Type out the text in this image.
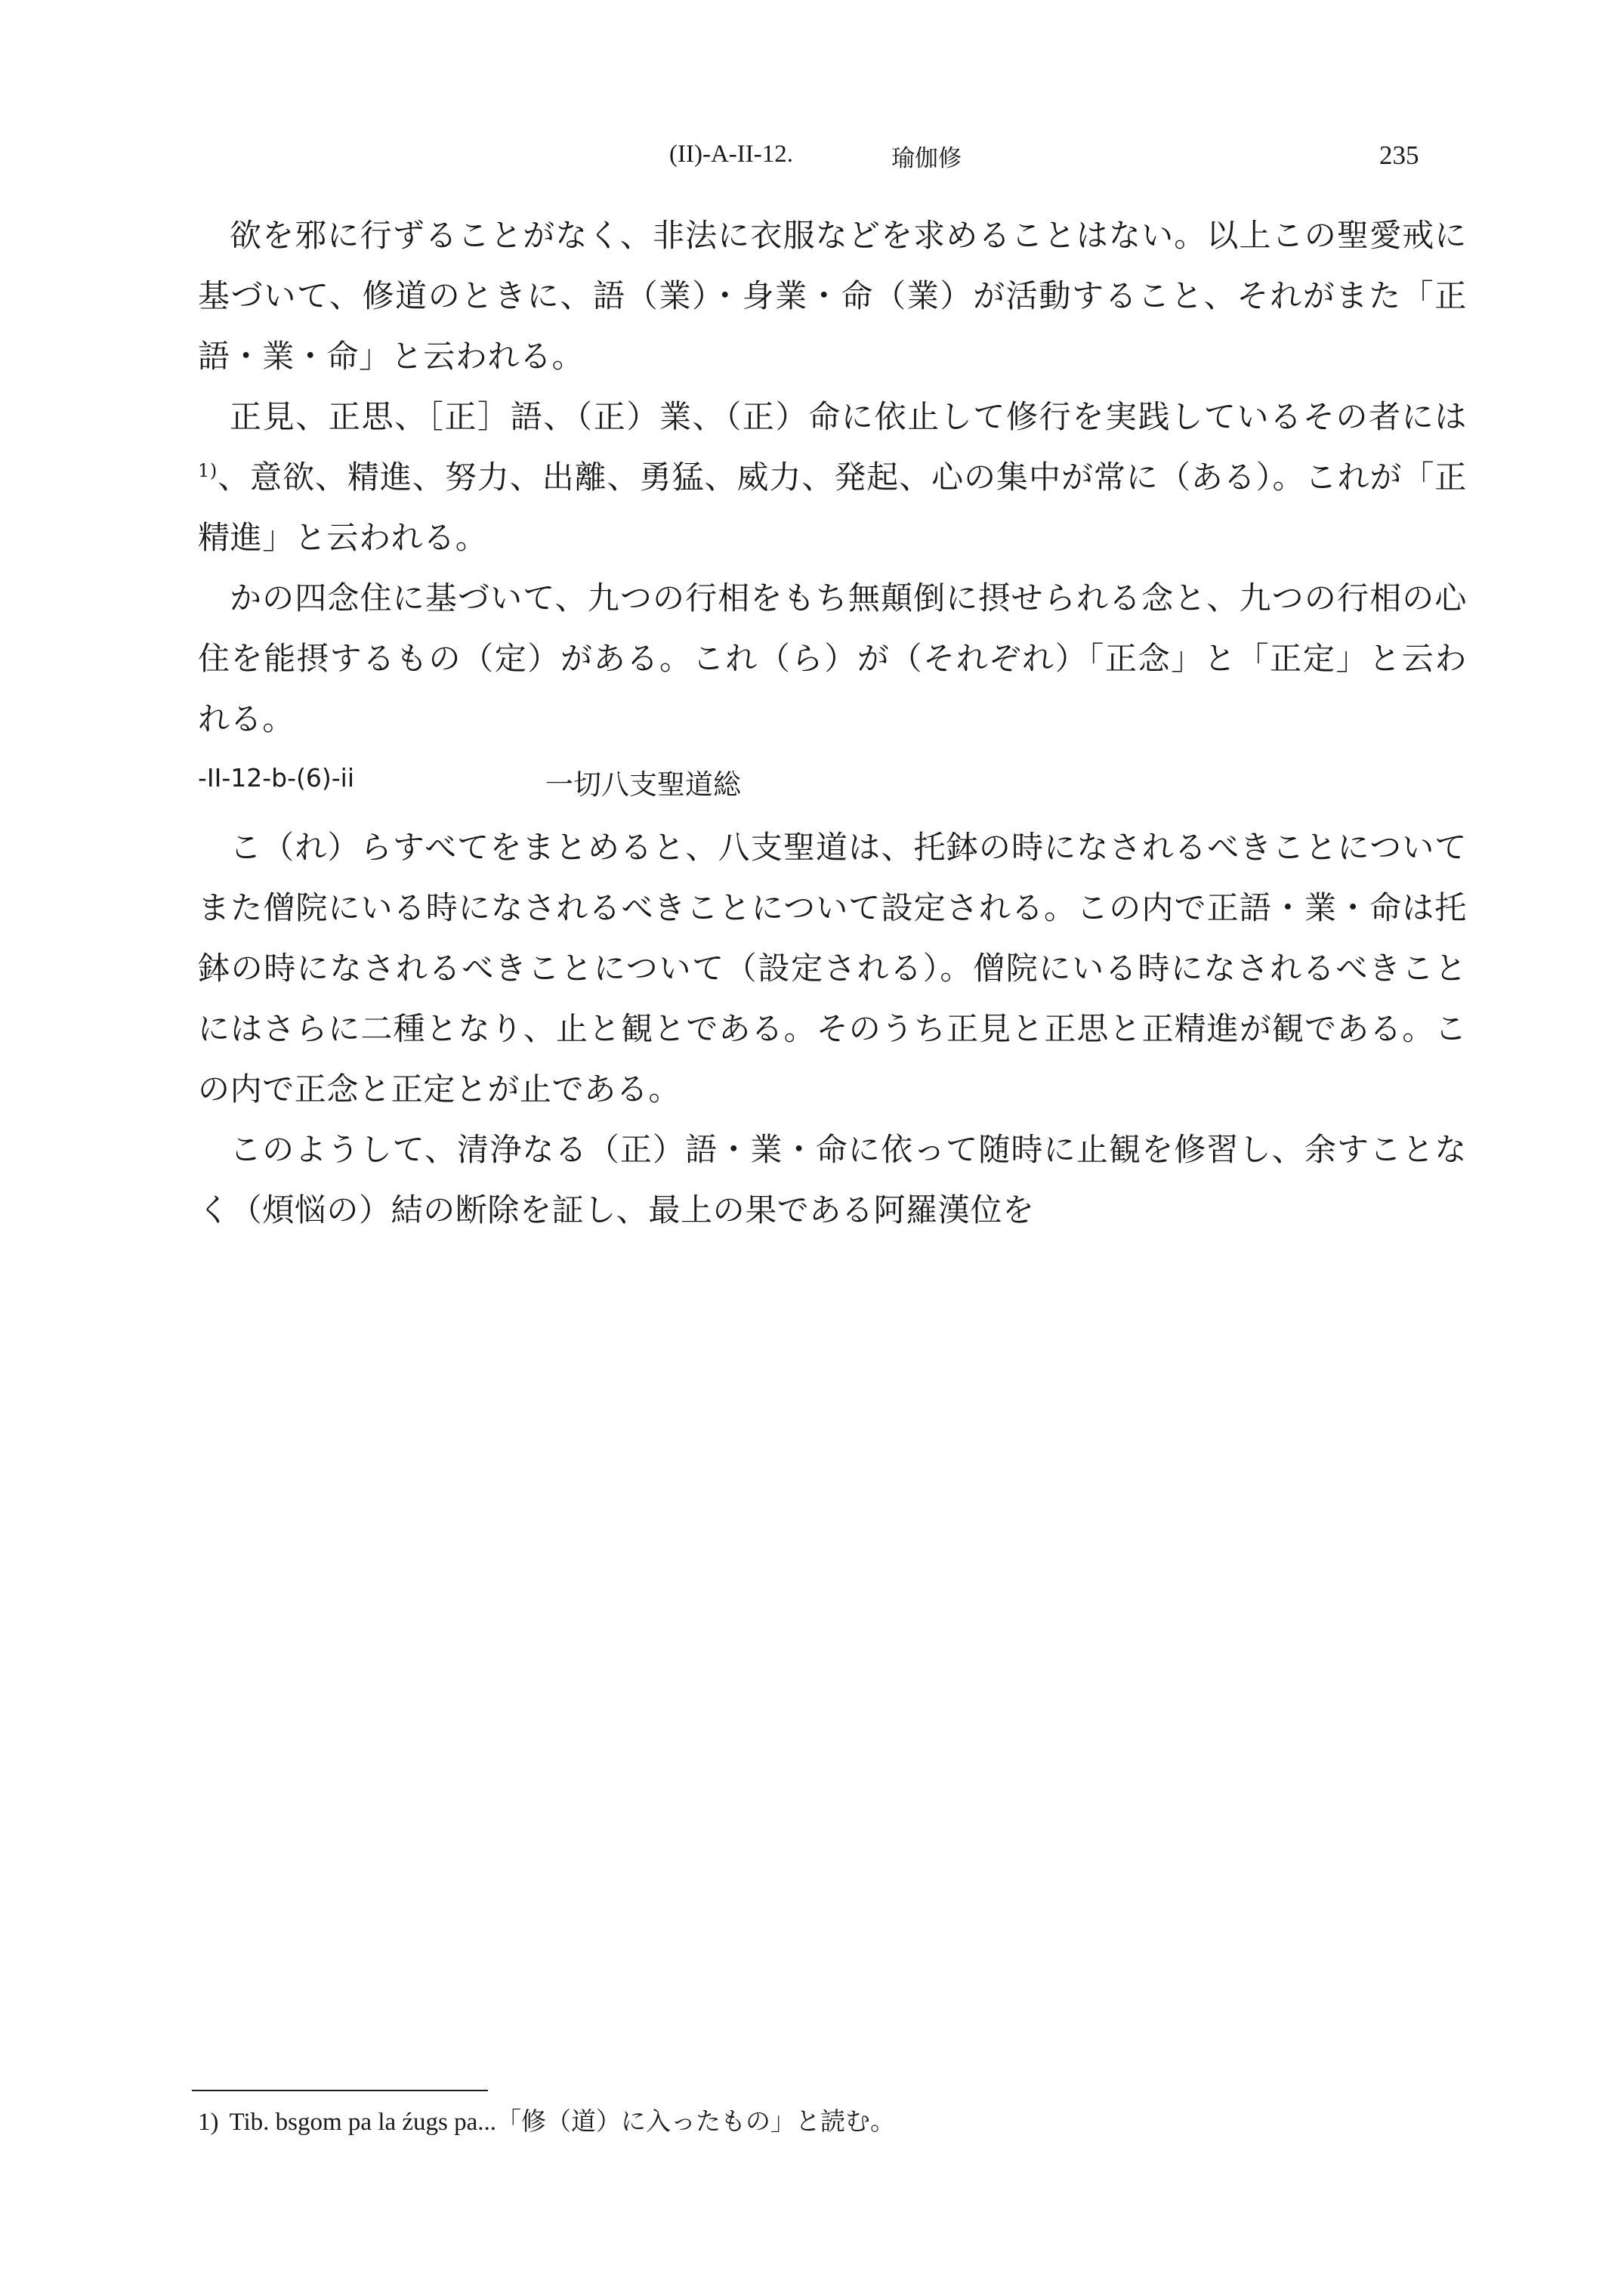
(II)-A-II-12.	瑜伽修	235

欲を邪に行ずることがなく、非法に衣服などを求めることはない。以上この聖愛戒に基づいて、修道のときに、語（業）・身業・命（業）が活動すること、それがまた「正語・業・命」と云われる。

正見、正思、［正］語、（正）業、（正）命に依止して修行を実践しているその者には$^{1)}$、意欲、精進、努力、出離、勇猛、威力、発起、心の集中が常に（ある）。これが「正精進」と云われる。

かの四念住に基づいて、九つの行相をもち無顛倒に摂せられる念と、九つの行相の心住を能摂するもの（定）がある。これ（ら）が（それぞれ）「正念」と「正定」と云われる。

-II-12-b-(6)-ii	一切八支聖道総

こ（れ）らすべてをまとめると、八支聖道は、托鉢の時になされるべきことについてまた僧院にいる時になされるべきことについて設定される。この内で正語・業・命は托鉢の時になされるべきことについて（設定される）。僧院にいる時になされるべきことにはさらに二種となり、止と観とである。そのうち正見と正思と正精進が観である。この内で正念と正定とが止である。

このようして、清浄なる（正）語・業・命に依って随時に止観を修習し、余すことなく（煩悩の）結の断除を証し、最上の果である阿羅漢位を

1) Tib. bsgom pa la źugs pa...「修（道）に入ったもの」と読む。
